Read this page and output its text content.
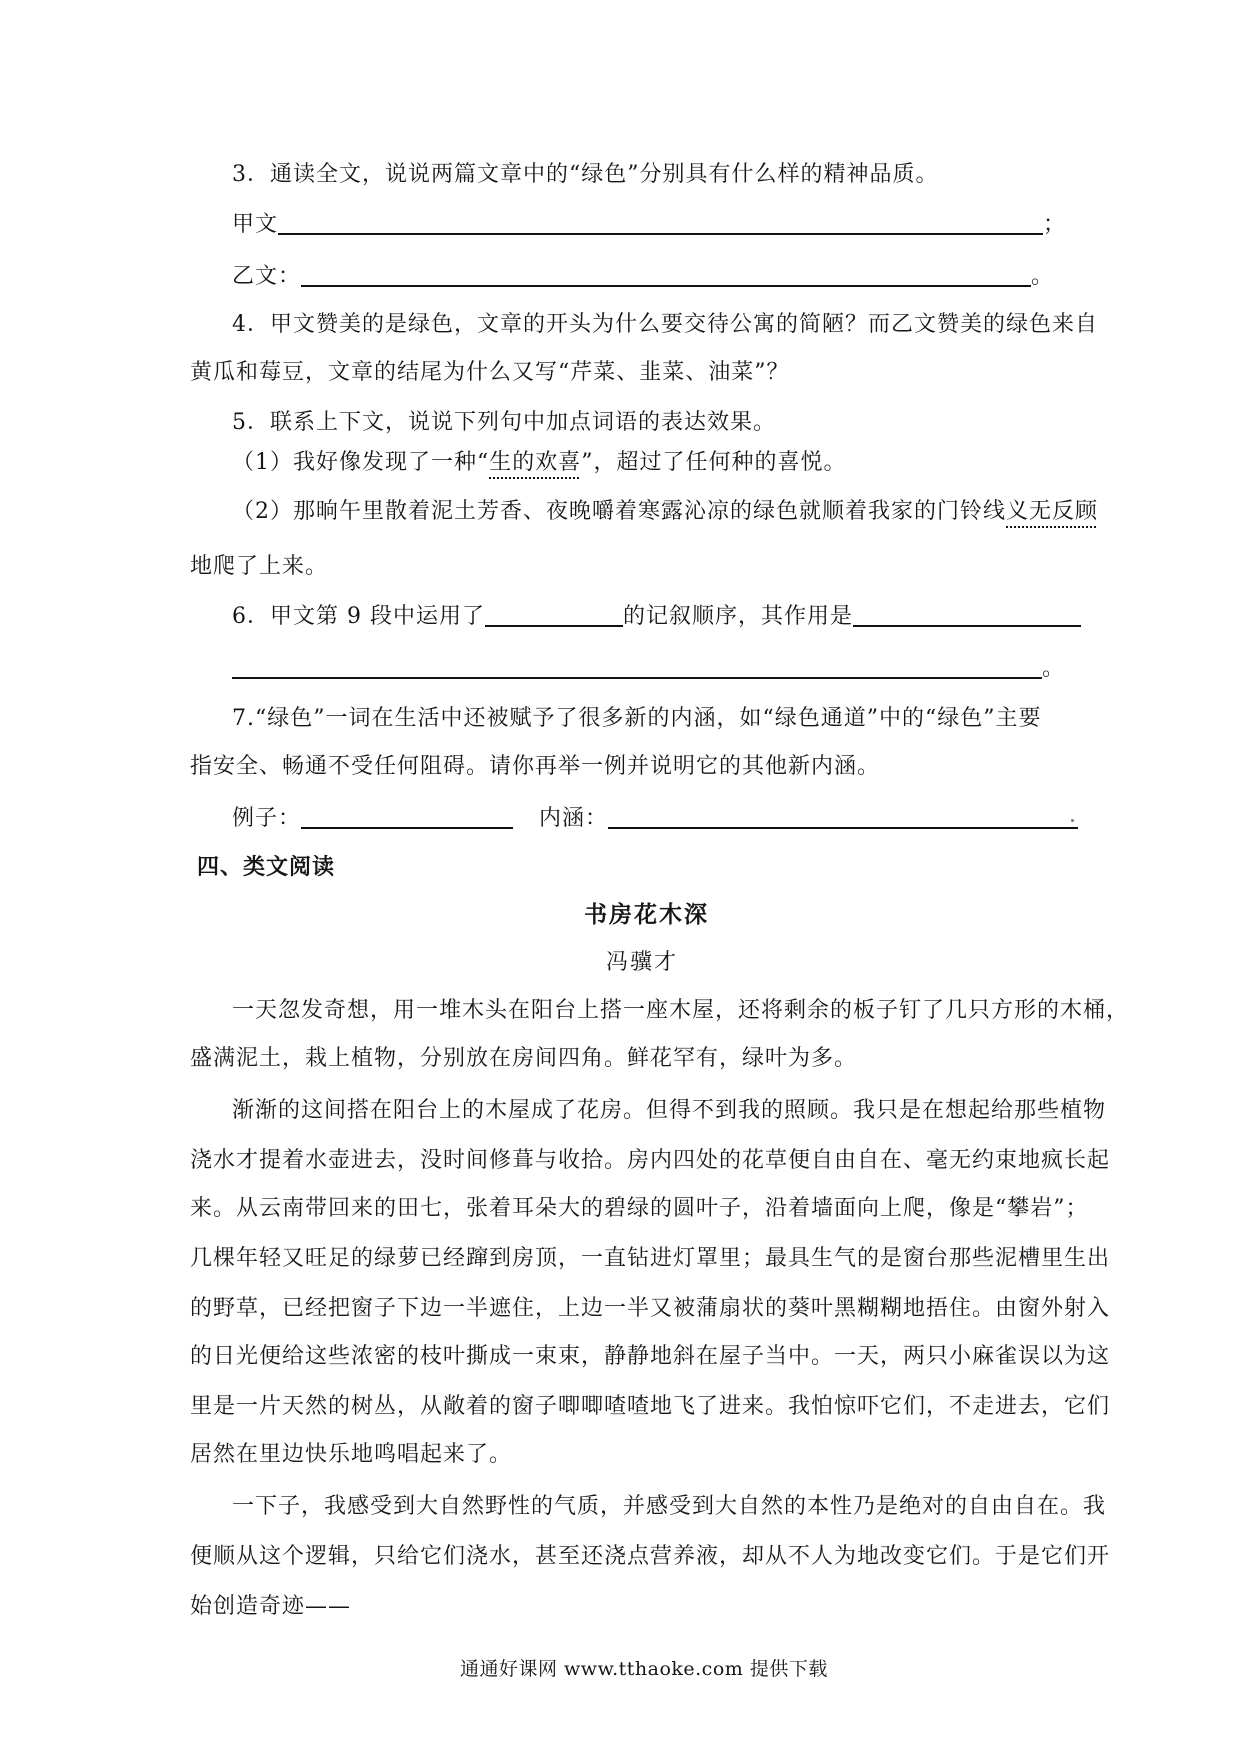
3．通读全文，说说两篇文章中的“绿色”分别具有什么样的精神品质。
甲文	；
乙文：	。
4．甲文赞美的是绿色，文章的开头为什么要交待公寓的简陋？而乙文赞美的绿色来自
黄瓜和莓豆，文章的结尾为什么又写“芹菜、韭菜、油菜”？
5．联系上下文，说说下列句中加点词语的表达效果。
（1）我好像发现了一种“生的欢喜”，超过了任何种的喜悦。
（2）那晌午里散着泥土芳香、夜晚嚼着寒露沁凉的绿色就顺着我家的门铃线义无反顾
地爬了上来。
6．甲文第 9 段中运用了	的记叙顺序，其作用是
。
7.“绿色”一词在生活中还被赋予了很多新的内涵，如“绿色通道”中的“绿色”主要
指安全、畅通不受任何阻碍。请你再举一例并说明它的其他新内涵。
例子：	内涵：
四、类文阅读
书房花木深
冯骥才
一天忽发奇想，用一堆木头在阳台上搭一座木屋，还将剩余的板子钉了几只方形的木桶，
盛满泥土，栽上植物，分别放在房间四角。鲜花罕有，绿叶为多。
渐渐的这间搭在阳台上的木屋成了花房。但得不到我的照顾。我只是在想起给那些植物
浇水才提着水壶进去，没时间修葺与收拾。房内四处的花草便自由自在、毫无约束地疯长起
来。从云南带回来的田七，张着耳朵大的碧绿的圆叶子，沿着墙面向上爬，像是“攀岩”；
几棵年轻又旺足的绿萝已经蹿到房顶，一直钻进灯罩里；最具生气的是窗台那些泥槽里生出
的野草，已经把窗子下边一半遮住，上边一半又被蒲扇状的葵叶黑糊糊地捂住。由窗外射入
的日光便给这些浓密的枝叶撕成一束束，静静地斜在屋子当中。一天，两只小麻雀误以为这
里是一片天然的树丛，从敞着的窗子唧唧喳喳地飞了进来。我怕惊吓它们，不走进去，它们
居然在里边快乐地鸣唱起来了。
一下子，我感受到大自然野性的气质，并感受到大自然的本性乃是绝对的自由自在。我
便顺从这个逻辑，只给它们浇水，甚至还浇点营养液，却从不人为地改变它们。于是它们开
始创造奇迹——
通通好课网 www.tthaoke.com 提供下载
